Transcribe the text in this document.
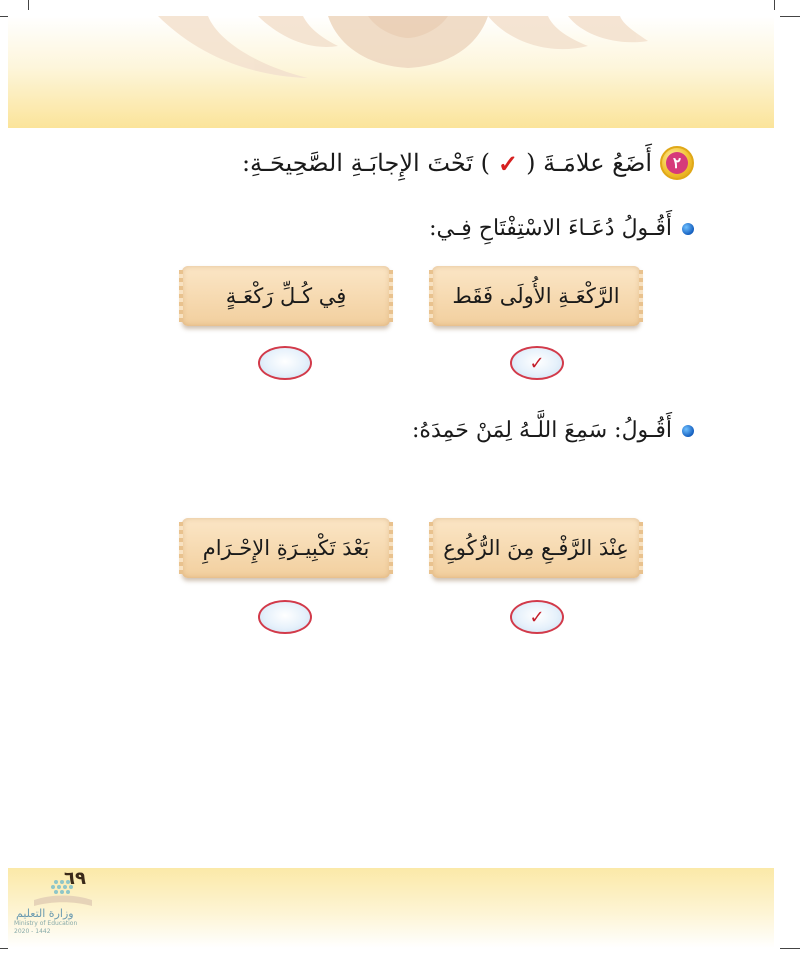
٢
أَضَعُ علامَـةَ (
✓
) تَحْتَ الإِجابَـةِ الصَّحِيحَـةِ:
أَقُـولُ دُعَـاءَ الاسْتِفْتَاحِ فِـي:
الرَّكْعَـةِ الأُولَى فَقَط
فِي كُـلِّ رَكْعَـةٍ
✓
أَقُـولُ: سَمِعَ اللَّـهُ لِمَنْ حَمِدَهُ:
عِنْدَ الرَّفْـعِ مِنَ الرُّكُوعِ
بَعْدَ تَكْبِيـرَةِ الإِحْـرَامِ
✓
٦٩
وزارة التعليم
Ministry of Education
2020 - 1442
